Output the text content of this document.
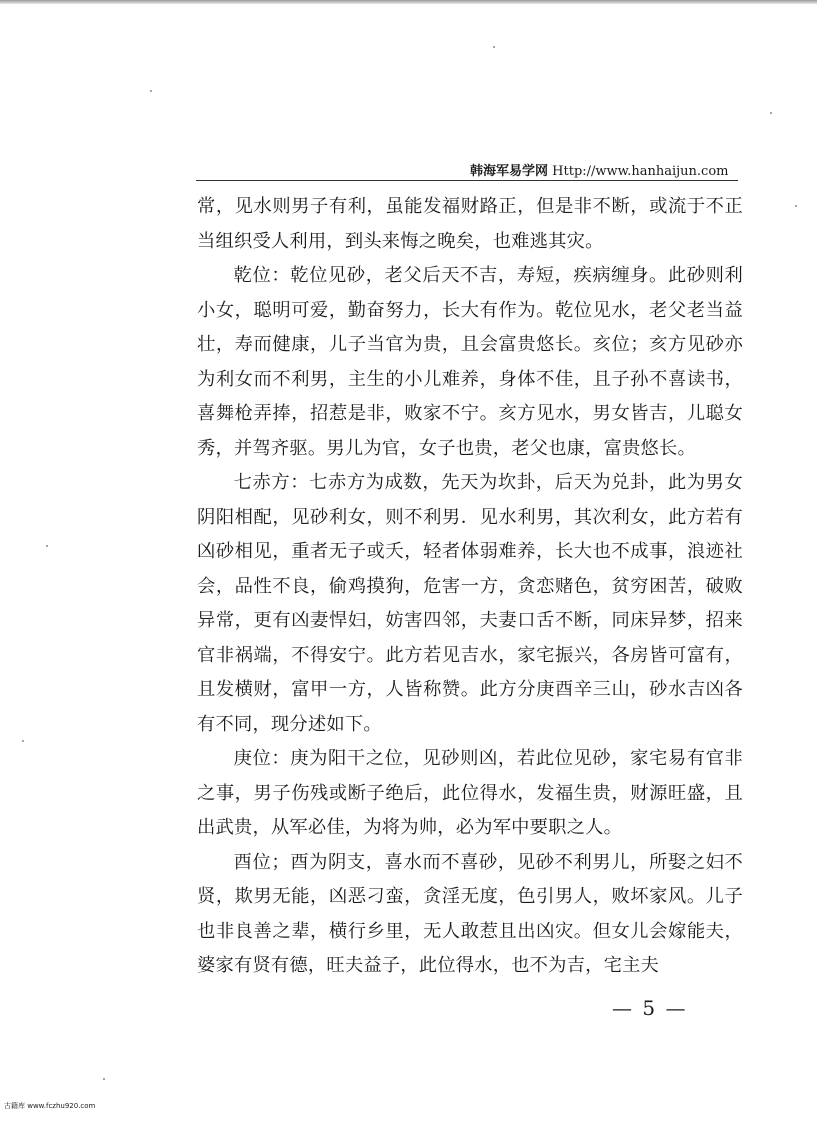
韩海军易学网 Http://www.hanhaijun.com

常，见水则男子有利，虽能发福财路正，但是非不断，或流于不正当组织受人利用，到头来悔之晚矣，也难逃其灾。

乾位：乾位见砂，老父后天不吉，寿短，疾病缠身。此砂则利小女，聪明可爱，勤奋努力，长大有作为。乾位见水，老父老当益壮，寿而健康，儿子当官为贵，且会富贵悠长。亥位；亥方见砂亦为利女而不利男，主生的小儿难养，身体不佳，且子孙不喜读书，喜舞枪弄捧，招惹是非，败家不宁。亥方见水，男女皆吉，儿聪女秀，并驾齐驱。男儿为官，女子也贵，老父也康，富贵悠长。

七赤方：七赤方为成数，先天为坎卦，后天为兑卦，此为男女阴阳相配，见砂利女，则不利男．见水利男，其次利女，此方若有凶砂相见，重者无子或夭，轻者体弱难养，长大也不成事，浪迹社会，品性不良，偷鸡摸狗，危害一方，贪恋赌色，贫穷困苦，破败异常，更有凶妻悍妇，妨害四邻，夫妻口舌不断，同床异梦，招来官非祸端，不得安宁。此方若见吉水，家宅振兴，各房皆可富有，且发横财，富甲一方，人皆称赞。此方分庚酉辛三山，砂水吉凶各有不同，现分述如下。

庚位：庚为阳干之位，见砂则凶，若此位见砂，家宅易有官非之事，男子伤残或断子绝后，此位得水，发福生贵，财源旺盛，且出武贵，从军必佳，为将为帅，必为军中要职之人。

酉位；酉为阴支，喜水而不喜砂，见砂不利男儿，所娶之妇不贤，欺男无能，凶恶刁蛮，贪淫无度，色引男人，败坏家风。儿子也非良善之辈，横行乡里，无人敢惹且出凶灾。但女儿会嫁能夫，婆家有贤有德，旺夫益子，此位得水，也不为吉，宅主夫

— 5 —
古籍库 www.fczhu920.com
